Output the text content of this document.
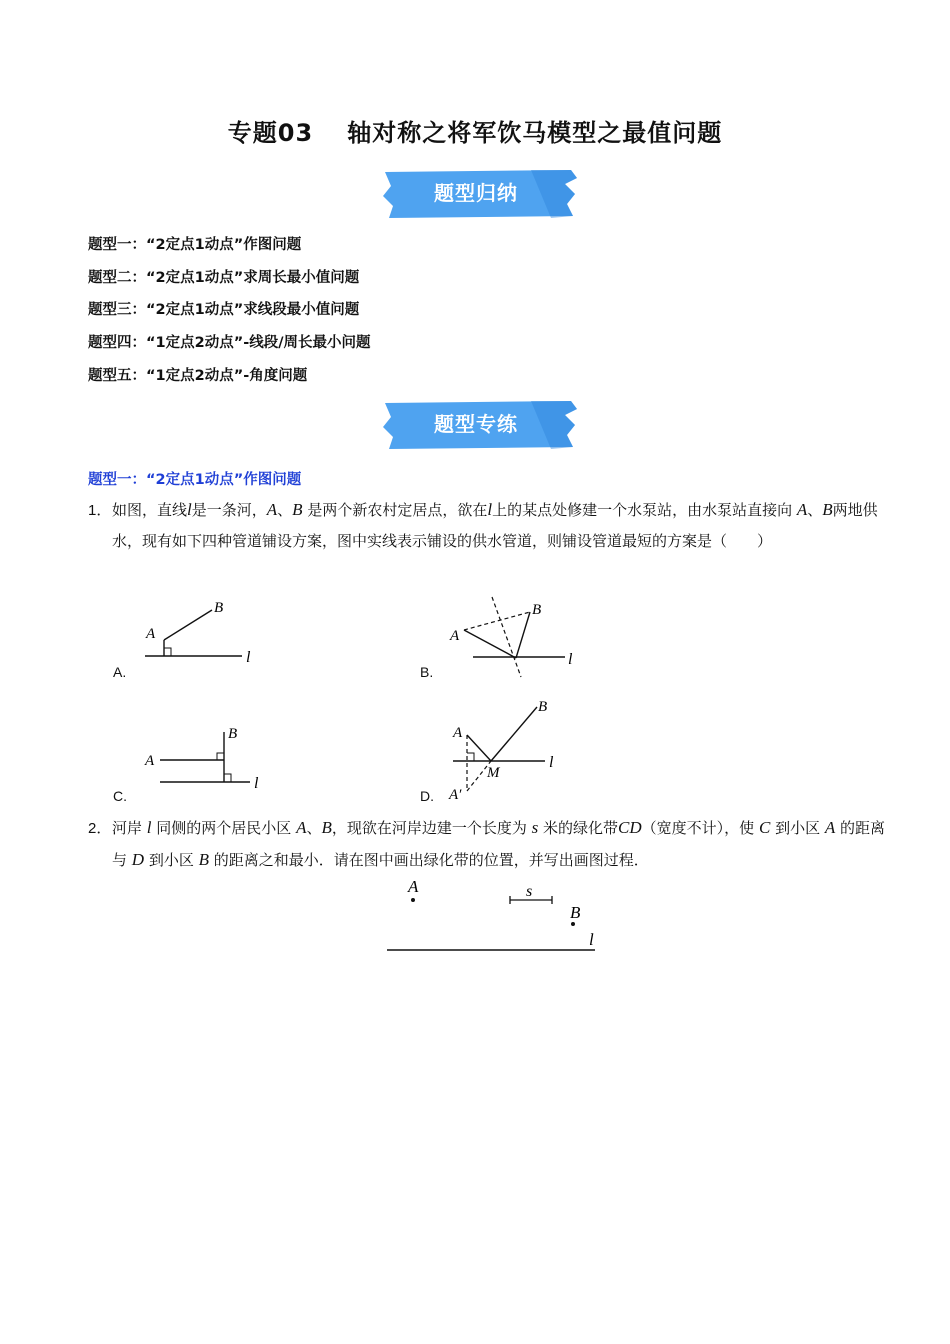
专题03 轴对称之将军饮马模型之最值问题
题型归纳
题型一：“2定点1动点”作图问题
题型二：“2定点1动点”求周长最小值问题
题型三：“2定点1动点”求线段最小值问题
题型四：“1定点2动点”-线段/周长最小问题
题型五：“1定点2动点”-角度问题
题型专练
题型一：“2定点1动点”作图问题
1．如图，直线l是一条河，A、B 是两个新农村定居点，欲在l上的某点处修建一个水泵站，由水泵站直接向 A、B两地供水，现有如下四种管道铺设方案，图中实线表示铺设的供水管道，则铺设管道最短的方案是（　　）
A
B
l
A.
A
B
l
B.
A
B
l
C.
A
B
l
M
A′
D.
2．河岸 l 同侧的两个居民小区 A、B，现欲在河岸边建一个长度为 s 米的绿化带CD（宽度不计），使 C 到小区 A 的距离与 D 到小区 B 的距离之和最小．请在图中画出绿化带的位置，并写出画图过程．
A	s
B
l
